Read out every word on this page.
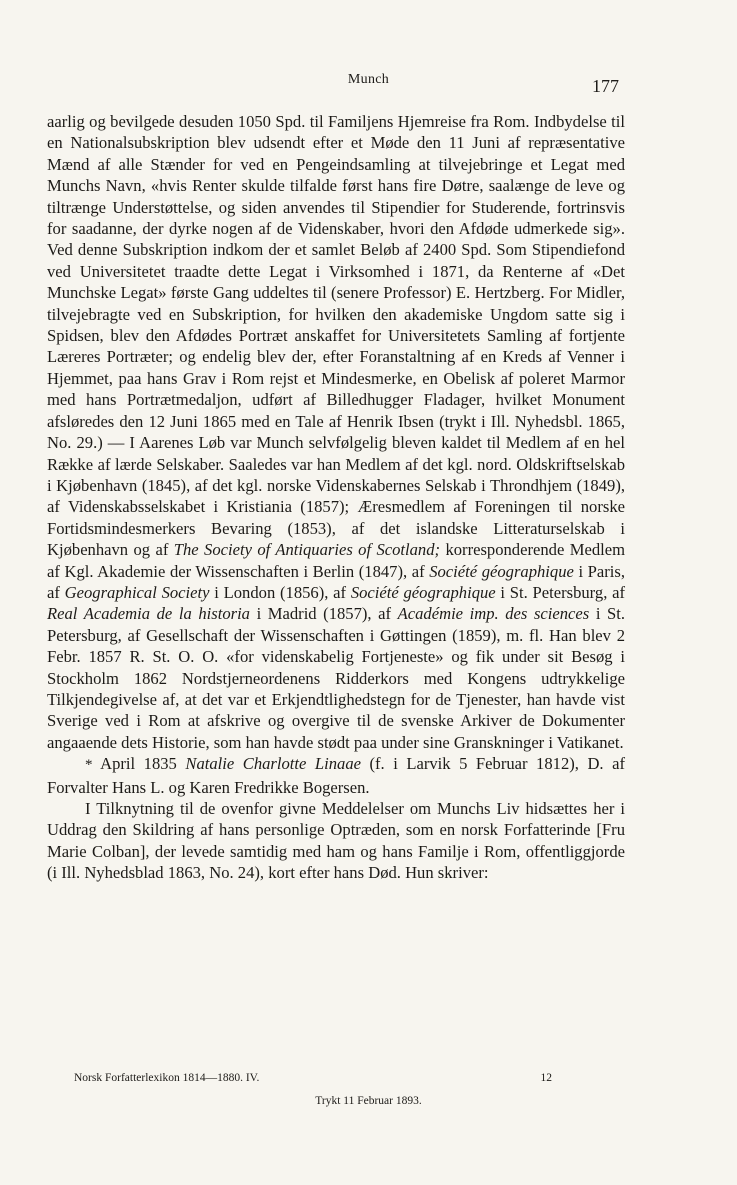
Munch	177

aarlig og bevilgede desuden 1050 Spd. til Familjens Hjemreise fra Rom. Indbydelse til en Nationalsubskription blev udsendt efter et Møde den 11 Juni af repræsentative Mænd af alle Stænder for ved en Pengeindsamling at tilvejebringe et Legat med Munchs Navn, «hvis Renter skulde tilfalde først hans fire Døtre, saalænge de leve og tiltrænge Understøttelse, og siden anvendes til Stipendier for Studerende, fortrinsvis for saadanne, der dyrke nogen af de Videnskaber, hvori den Afdøde udmerkede sig». Ved denne Subskription indkom der et samlet Beløb af 2400 Spd. Som Stipendiefond ved Universitetet traadte dette Legat i Virksomhed i 1871, da Renterne af «Det Munchske Legat» første Gang uddeltes til (senere Professor) E. Hertzberg. For Midler, tilvejebragte ved en Subskription, for hvilken den akademiske Ungdom satte sig i Spidsen, blev den Afdødes Portræt anskaffet for Universitetets Samling af fortjente Læreres Portræter; og endelig blev der, efter Foranstaltning af en Kreds af Venner i Hjemmet, paa hans Grav i Rom rejst et Mindesmerke, en Obelisk af poleret Marmor med hans Portrætmedaljon, udført af Billedhugger Fladager, hvilket Monument afsløredes den 12 Juni 1865 med en Tale af Henrik Ibsen (trykt i Ill. Nyhedsbl. 1865, No. 29.) — I Aarenes Løb var Munch selvfølgelig bleven kaldet til Medlem af en hel Række af lærde Selskaber. Saaledes var han Medlem af det kgl. nord. Oldskriftselskab i Kjøbenhavn (1845), af det kgl. norske Videnskabernes Selskab i Throndhjem (1849), af Videnskabsselskabet i Kristiania (1857); Æresmedlem af Foreningen til norske Fortidsmindesmerkers Bevaring (1853), af det islandske Litteraturselskab i Kjøbenhavn og af The Society of Antiquaries of Scotland; korresponderende Medlem af Kgl. Akademie der Wissenschaften i Berlin (1847), af Société géographique i Paris, af Geographical Society i London (1856), af Société géographique i St. Petersburg, af Real Academia de la historia i Madrid (1857), af Académie imp. des sciences i St. Petersburg, af Gesellschaft der Wissenschaften i Gøttingen (1859), m. fl. Han blev 2 Febr. 1857 R. St. O. O. «for videnskabelig Fortjeneste» og fik under sit Besøg i Stockholm 1862 Nordstjerneordenens Ridderkors med Kongens udtrykkelige Tilkjendegivelse af, at det var et Erkjendtlighedstegn for de Tjenester, han havde vist Sverige ved i Rom at afskrive og overgive til de svenske Arkiver de Dokumenter angaaende dets Historie, som han havde stødt paa under sine Granskninger i Vatikanet.

* April 1835 Natalie Charlotte Linaae (f. i Larvik 5 Februar 1812), D. af Forvalter Hans L. og Karen Fredrikke Bogersen.

I Tilknytning til de ovenfor givne Meddelelser om Munchs Liv hidsættes her i Uddrag den Skildring af hans personlige Optræden, som en norsk Forfatterinde [Fru Marie Colban], der levede samtidig med ham og hans Familje i Rom, offentliggjorde (i Ill. Nyhedsblad 1863, No. 24), kort efter hans Død. Hun skriver:

Norsk Forfatterlexikon 1814—1880. IV.	12
Trykt 11 Februar 1893.
